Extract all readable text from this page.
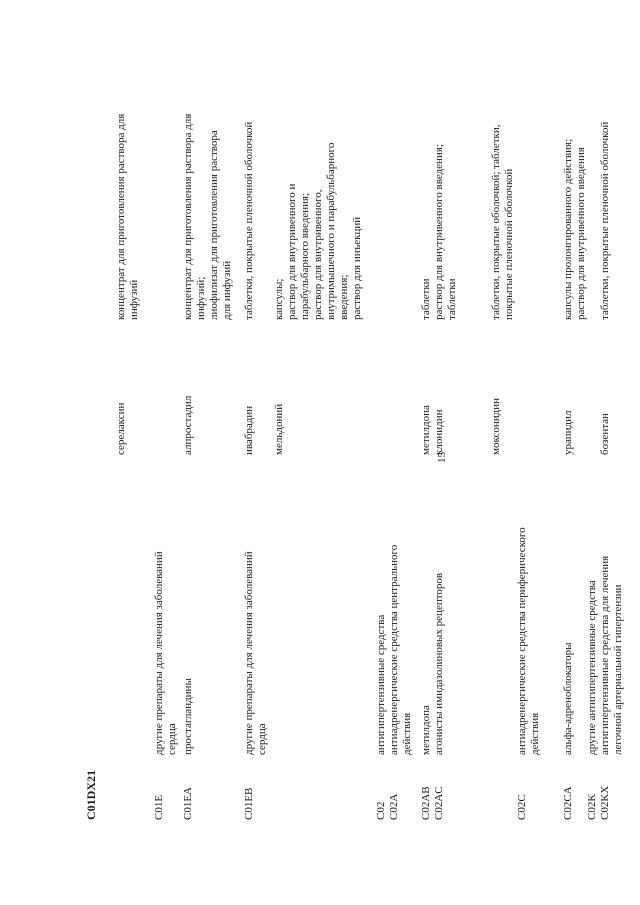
15
C01DX21
серелаксин
концентрат для приготовления раствора для инфузий
C01E
другие препараты для лечения заболеваний сердца
C01EA
простагландины
алпростадил
концентрат для приготовления раствора для инфузий; лиофилизат для приготовления раствора для инфузий
C01EB
другие препараты для лечения заболеваний сердца
ивабрадин
таблетки, покрытые пленочной оболочкой
мельдоний
капсулы; раствор для внутривенного и парабульбарного введения; раствор для внутривенного, внутримышечного и парабульбарного введения; раствор для инъекций
C02
антигипертензивные средства
C02A
антиадренергические средства центрального действия
C02AB
метилдопа
метилдопа
таблетки
C02AC
агонисты имидазолиновых рецепторов
клонидин
раствор для внутривенного введения; таблетки
моксонидин
таблетки, покрытые оболочкой; таблетки, покрытые пленочной оболочкой
C02C
антиадренергические средства периферического действия
C02CA
альфа-адреноблокаторы
урапидил
капсулы пролонгированного действия; раствор для внутривенного введения
C02K
другие антигипертензивные средства
C02KX
антигипертензивные средства для лечения легочной артериальной гипертензии
бозентан
таблетки, покрытые пленочной оболочкой
